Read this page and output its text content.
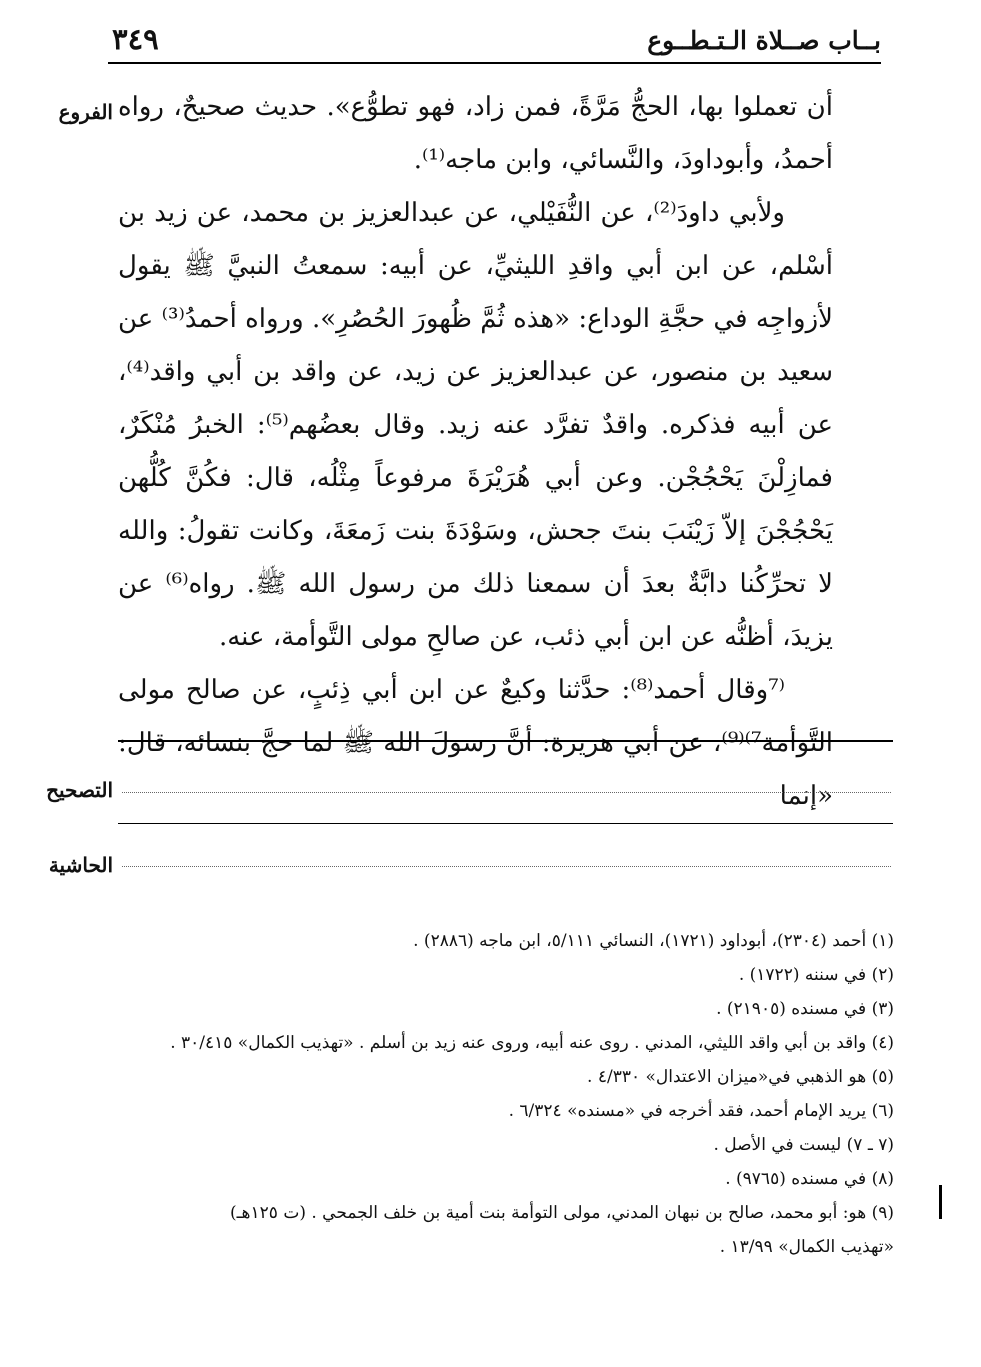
بــاب صــلاة الـتـطــوع
٣٤٩
الفروع أن تعملوا بها، الحجُّ مَرَّةً، فمن زاد، فهو تطوُّع». حديث صحيحٌ، رواه أحمدُ، وأبوداودَ، والنَّسائي، وابن ماجه⁽¹⁾.

ولأبي داودَ⁽²⁾، عن النُّفَيْلي، عن عبدالعزيز بن محمد، عن زيد بن أسْلم، عن ابن أبي واقدِ الليثيِّ، عن أبيه: سمعتُ النبيَّ ﷺ يقول لأزواجِه في حجَّةِ الوداع: «هذه ثُمَّ ظُهورَ الحُصُرِ». ورواه أحمدُ⁽³⁾ عن سعيد بن منصور، عن عبدالعزيز عن زيد، عن واقد بن أبي واقد⁽⁴⁾، عن أبيه فذكره. واقدٌ تفرَّد عنه زيد. وقال بعضُهم⁽⁵⁾: الخبرُ مُنْكَرٌ، فمازِلْنَ يَحْجُجْن. وعن أبي هُرَيْرَةَ مرفوعاً مِثْلُه، قال: فكُنَّ كُلُّهن يَحْجُجْنَ إلاّ زَيْنَبَ بنتَ جحش، وسَوْدَةَ بنت زَمعَةَ، وكانت تقولُ: والله لا تحرِّكُنا دابَّةٌ بعدَ أن سمعنا ذلك من رسول الله ﷺ. رواه⁽⁶⁾ عن يزيدَ، أظنُّه عن ابن أبي ذئب، عن صالحِ مولى التَّوأمة، عنه.

⁽⁷وقال أحمد⁽⁸⁾: حدَّثنا وكيعٌ عن ابن أبي ذِئبٍ، عن صالح مولى التَّوأمة⁷⁾⁽⁹⁾، عن أبي هريرة: أنَّ رسولَ الله ﷺ لما حجَّ بنسائه، قال: «إنما

التصحيح
الحاشية
(١) أحمد (٢٣٠٤)، أبوداود (١٧٢١)، النسائي ٥/١١١، ابن ماجه (٢٨٨٦) .
(٢) في سننه (١٧٢٢) .
(٣) في مسنده (٢١٩٠٥) .
(٤) واقد بن أبي واقد الليثي، المدني . روى عنه أبيه، وروى عنه زيد بن أسلم . «تهذيب الكمال» ٣٠/٤١٥ .
(٥) هو الذهبي في«ميزان الاعتدال» ٤/٣٣٠ .
(٦) يريد الإمام أحمد، فقد أخرجه في «مسنده» ٦/٣٢٤ .
(٧ ـ ٧) ليست في الأصل .
(٨) في مسنده (٩٧٦٥) .
(٩) هو: أبو محمد، صالح بن نبهان المدني، مولى التوأمة بنت أمية بن خلف الجمحي . (ت ١٢٥هـ)
«تهذيب الكمال» ١٣/٩٩ .
